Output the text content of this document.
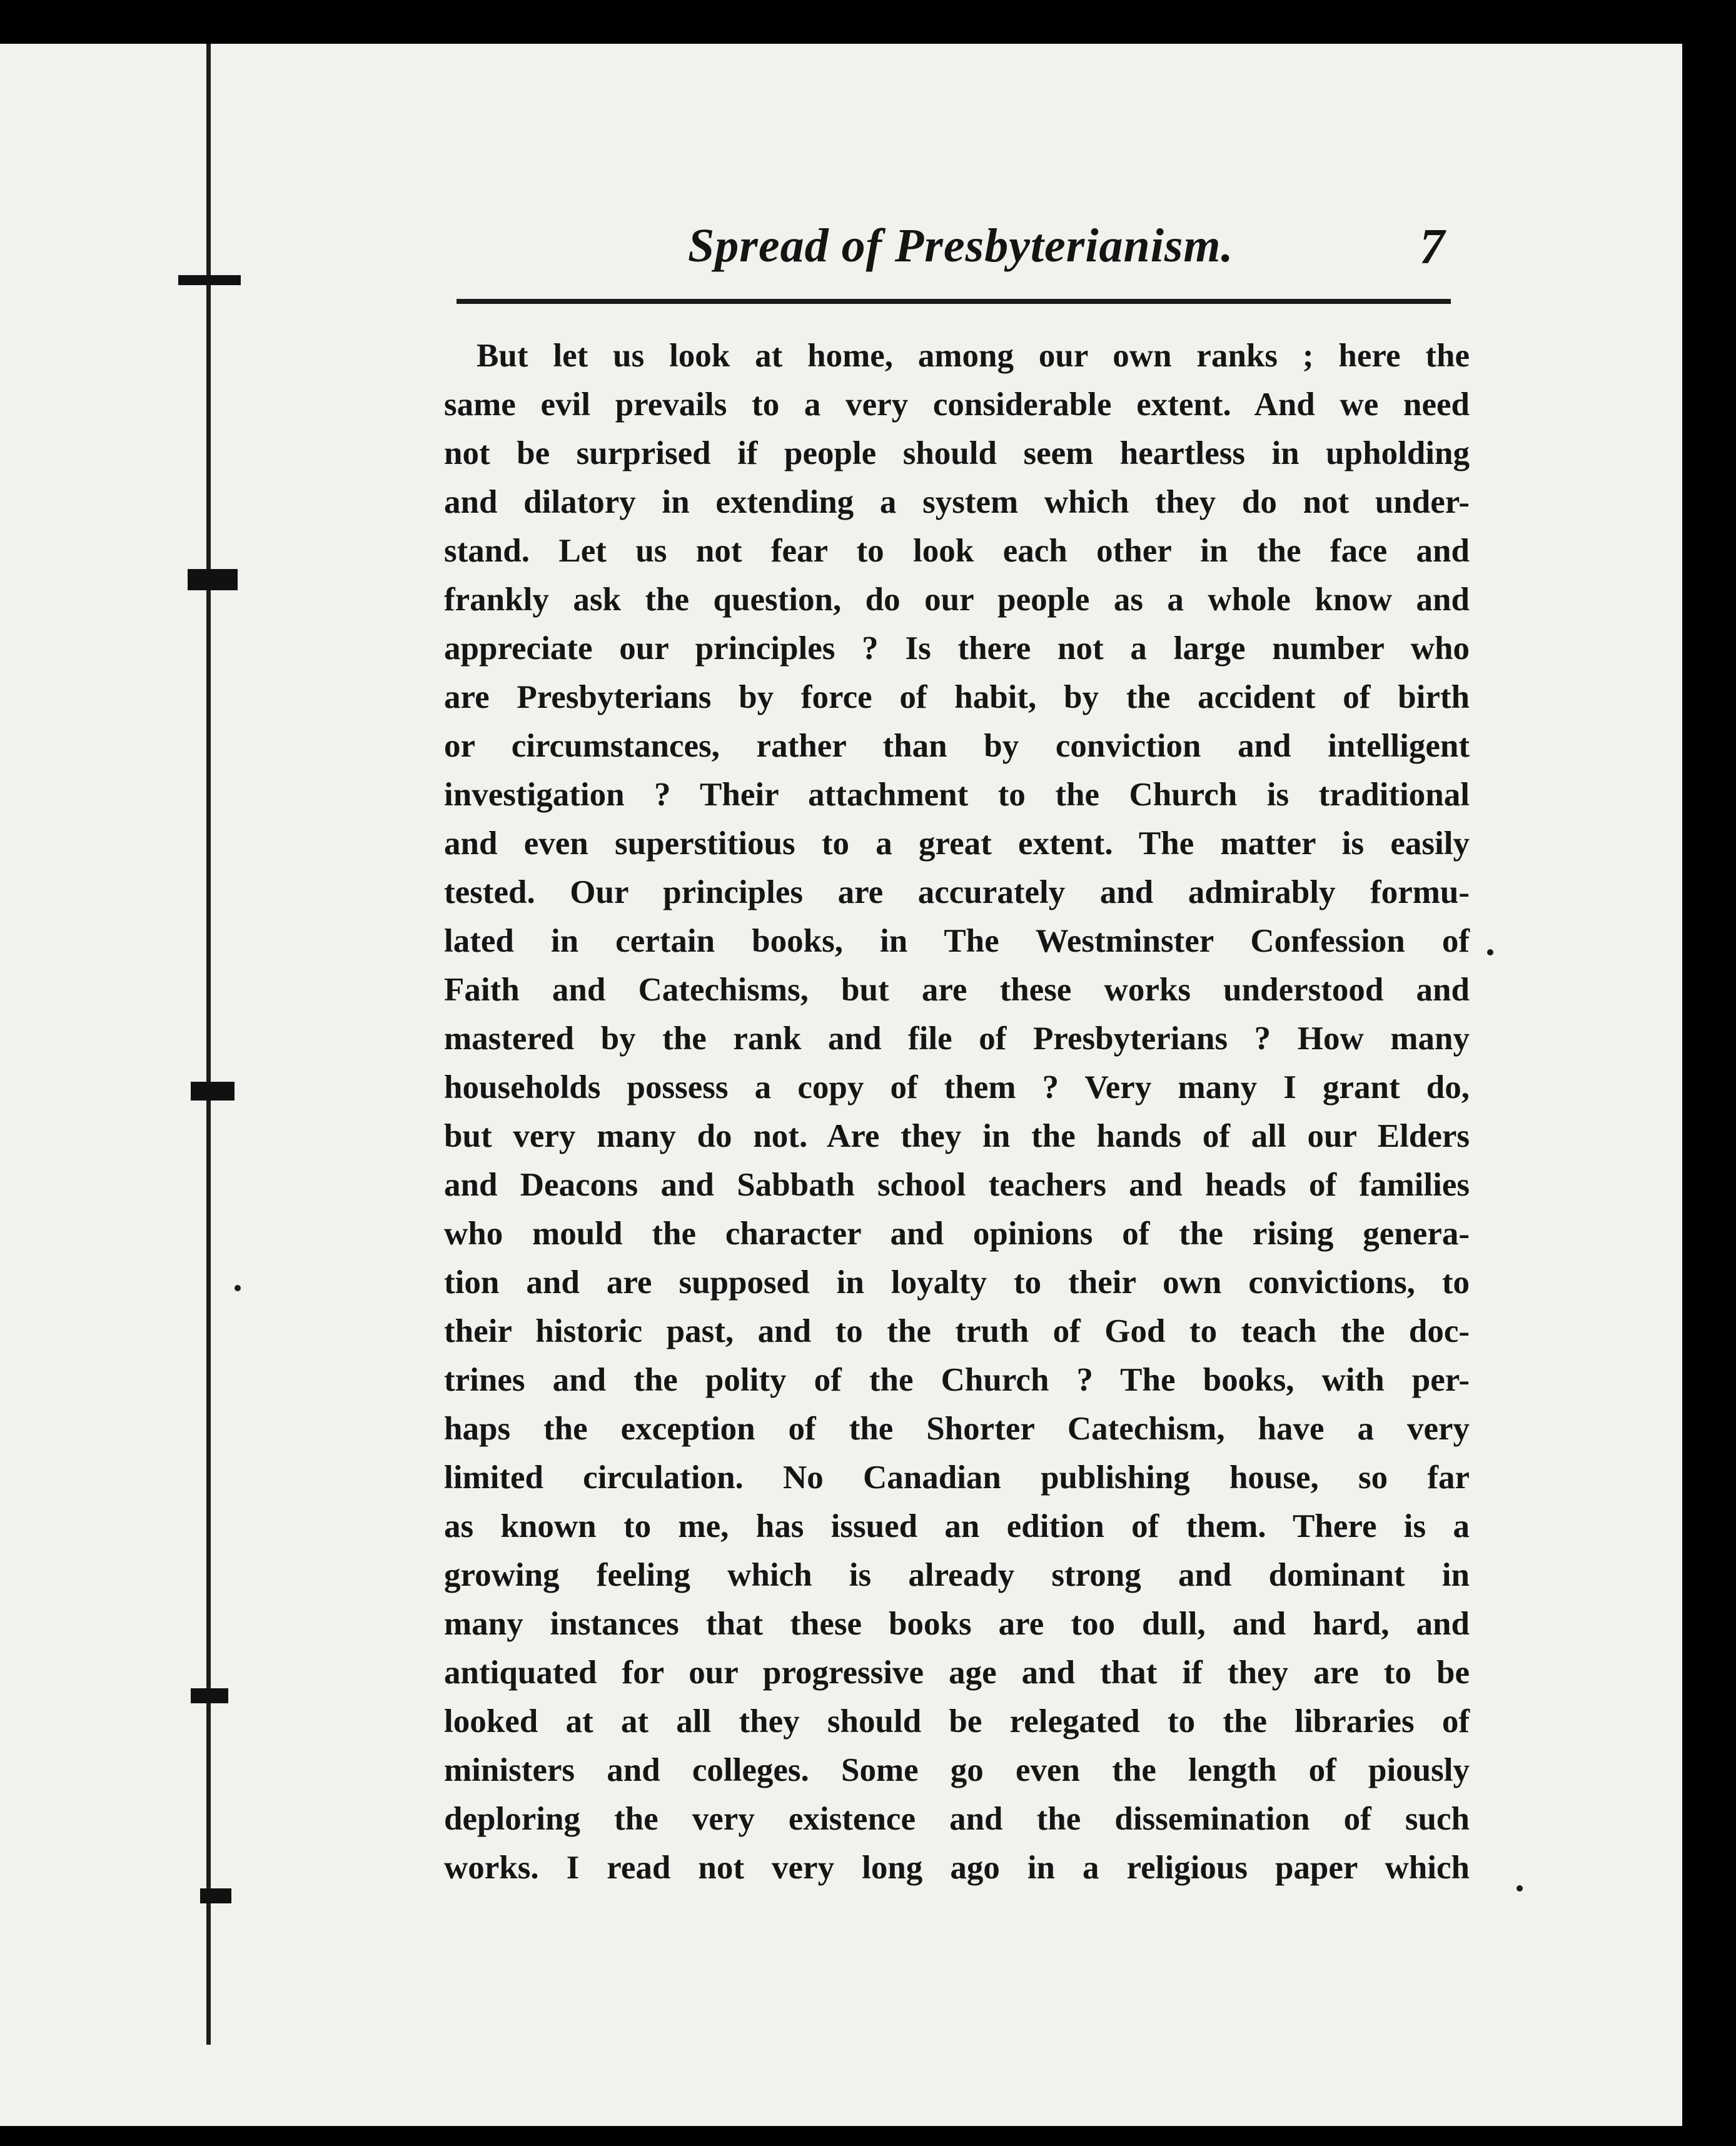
Spread of Presbyterianism.	7
But let us look at home, among our own ranks ; here the
same evil prevails to a very considerable extent. And we need
not be surprised if people should seem heartless in upholding
and dilatory in extending a system which they do not under-
stand. Let us not fear to look each other in the face and
frankly ask the question, do our people as a whole know and
appreciate our principles ? Is there not a large number who
are Presbyterians by force of habit, by the accident of birth
or circumstances, rather than by conviction and intelligent
investigation ? Their attachment to the Church is traditional
and even superstitious to a great extent. The matter is easily
tested. Our principles are accurately and admirably formu-
lated in certain books, in The Westminster Confession of
Faith and Catechisms, but are these works understood and
mastered by the rank and file of Presbyterians ? How many
households possess a copy of them ? Very many I grant do,
but very many do not. Are they in the hands of all our Elders
and Deacons and Sabbath school teachers and heads of families
who mould the character and opinions of the rising genera-
tion and are supposed in loyalty to their own convictions, to
their historic past, and to the truth of God to teach the doc-
trines and the polity of the Church ? The books, with per-
haps the exception of the Shorter Catechism, have a very
limited circulation. No Canadian publishing house, so far
as known to me, has issued an edition of them. There is a
growing feeling which is already strong and dominant in
many instances that these books are too dull, and hard, and
antiquated for our progressive age and that if they are to be
looked at at all they should be relegated to the libraries of
ministers and colleges. Some go even the length of piously
deploring the very existence and the dissemination of such
works. I read not very long ago in a religious paper which
